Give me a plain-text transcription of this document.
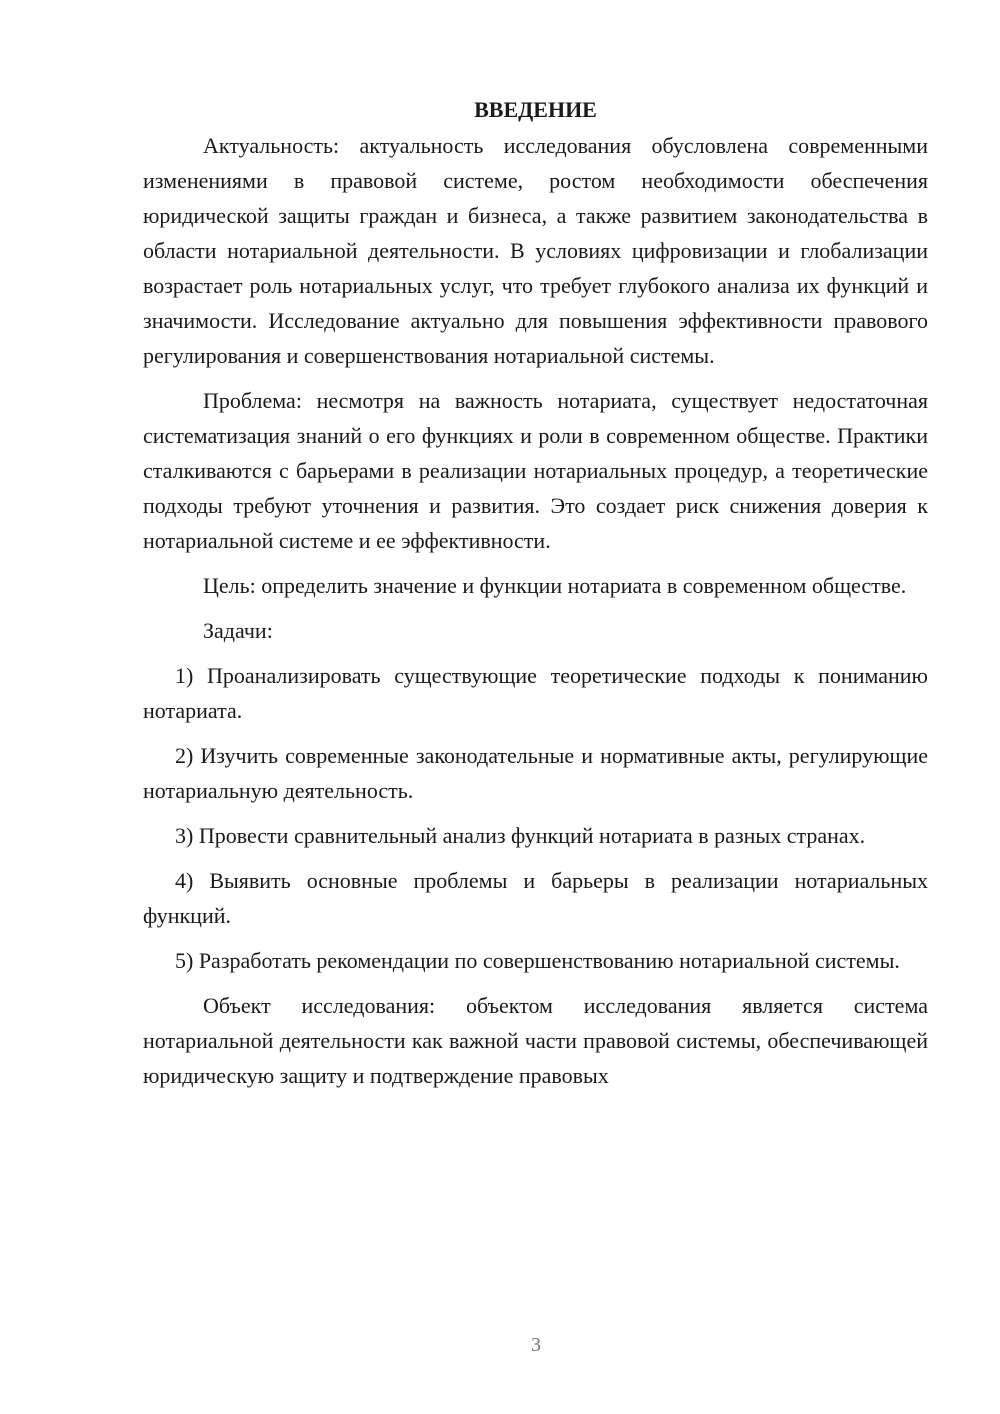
ВВЕДЕНИЕ

Актуальность: актуальность исследования обусловлена современными изменениями в правовой системе, ростом необходимости обеспечения юридической защиты граждан и бизнеса, а также развитием законодательства в области нотариальной деятельности. В условиях цифровизации и глобализации возрастает роль нотариальных услуг, что требует глубокого анализа их функций и значимости. Исследование актуально для повышения эффективности правового регулирования и совершенствования нотариальной системы.

Проблема: несмотря на важность нотариата, существует недостаточная систематизация знаний о его функциях и роли в современном обществе. Практики сталкиваются с барьерами в реализации нотариальных процедур, а теоретические подходы требуют уточнения и развития. Это создает риск снижения доверия к нотариальной системе и ее эффективности.

Цель: определить значение и функции нотариата в современном обществе.

Задачи:

1) Проанализировать существующие теоретические подходы к пониманию нотариата.

2) Изучить современные законодательные и нормативные акты, регулирующие нотариальную деятельность.

3) Провести сравнительный анализ функций нотариата в разных странах.

4) Выявить основные проблемы и барьеры в реализации нотариальных функций.

5) Разработать рекомендации по совершенствованию нотариальной системы.

Объект исследования: объектом исследования является система нотариальной деятельности как важной части правовой системы, обеспечивающей юридическую защиту и подтверждение правовых

3
